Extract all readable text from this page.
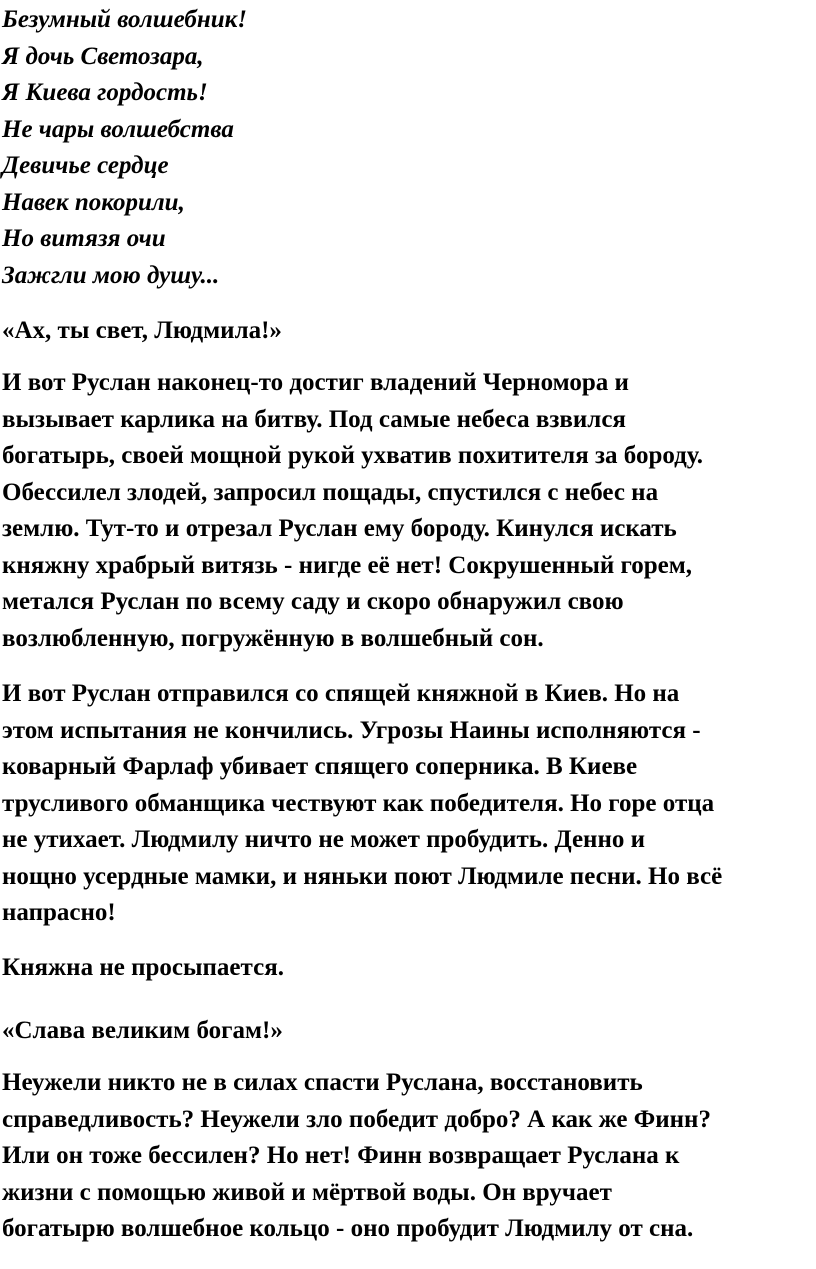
Безумный волшебник!
Я дочь Светозара,
Я Киева гордость!
Не чары волшебства
Девичье сердце
Навек покорили,
Но витязя очи
Зажгли мою душу...

«Ах, ты свет, Людмила!»

И вот Руслан наконец-то достиг владений Черномора и
вызывает карлика на битву. Под самые небеса взвился
богатырь, своей мощной рукой ухватив похитителя за бороду.
Обессилел злодей, запросил пощады, спустился с небес на
землю. Тут-то и отрезал Руслан ему бороду. Кинулся искать
княжну храбрый витязь - нигде её нет! Сокрушенный горем,
метался Руслан по всему саду и скоро обнаружил свою
возлюбленную, погружённую в волшебный сон.

И вот Руслан отправился со спящей княжной в Киев. Но на
этом испытания не кончились. Угрозы Наины исполняются -
коварный Фарлаф убивает спящего соперника. В Киеве
трусливого обманщика чествуют как победителя. Но горе отца
не утихает. Людмилу ничто не может пробудить. Денно и
нощно усердные мамки, и няньки поют Людмиле песни. Но всё
напрасно!

Княжна не просыпается.

«Слава великим богам!»

Неужели никто не в силах спасти Руслана, восстановить
справедливость? Неужели зло победит добро? А как же Финн?
Или он тоже бессилен? Но нет! Финн возвращает Руслана к
жизни с помощью живой и мёртвой воды. Он вручает
богатырю волшебное кольцо - оно пробудит Людмилу от сна.
